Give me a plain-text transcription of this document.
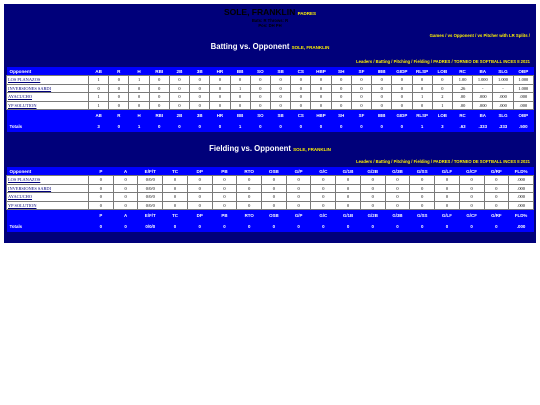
SOLE, FRANKLIN PADRES
Bats: R Throws: R
Pos: DH PH
Games / vs Opponent / vs Pitcher with LR Splits /
Batting vs. Opponent SOLE, FRANKLIN
Leaders / Batting / Pitching / Fielding / PADRES / TORNEO DE SOFTBALL INCES II 2021
Opponent	AB	R	H	RBI	2B	3B	HR	BB	SO	SB	CS	HBP	SH	SF	IBB	GIDP	RLSP	LOB	RC	BA	SLG	OBP
LOS PLANAZOS	1	0	1	0	0	0	0	0	0	0	0	0	0	0	0	0	0	0	1.00	1.000	1.000	1.000
INVERSIONES SARDI	0	0	0	0	0	0	0	1	0	0	0	0	0	0	0	0	0	0	.26	-	-	1.000
AYACUCHO	1	0	0	0	0	0	0	0	0	0	0	0	0	0	0	0	1	2	.00	.000	.000	.000
YP SOLUTION	1	0	0	0	0	0	0	0	0	0	0	0	0	0	0	0	0	1	.00	.000	.000	.000
	AB	R	H	RBI	2B	3B	HR	BB	SO	SB	CS	HBP	SH	SF	IBB	GIDP	RLSP	LOB	RC	BA	SLG	OBP
Totals	3	0	1	0	0	0	0	1	0	0	0	0	0	0	0	0	1	3	.63	.333	.333	.500
Fielding vs. Opponent SOLE, FRANKLIN
Leaders / Batting / Pitching / Fielding / PADRES / TORNEO DE SOFTBALL INCES II 2021
Opponent	P	A	E/F/T	TC	DP	PB	RTO	OSB	G/P	G/C	G/1B	G/2B	G/3B	G/SS	G/LF	G/CF	G/RF	FLD%
LOS PLANAZOS	0	0	0/0/0	0	0	0	0	0	0	0	0	0	0	0	0	0	0	.000
INVERSIONES SARDI	0	0	0/0/0	0	0	0	0	0	0	0	0	0	0	0	0	0	0	.000
AYACUCHO	0	0	0/0/0	0	0	0	0	0	0	0	0	0	0	0	0	0	0	.000
YP SOLUTION	0	0	0/0/0	0	0	0	0	0	0	0	0	0	0	0	0	0	0	.000
	P	A	E/F/T	TC	DP	PB	RTO	OSB	G/P	G/C	G/1B	G/2B	G/3B	G/SS	G/LF	G/CF	G/RF	FLD%
Totals	0	0	0/0/0	0	0	0	0	0	0	0	0	0	0	0	0	0	0	.000
